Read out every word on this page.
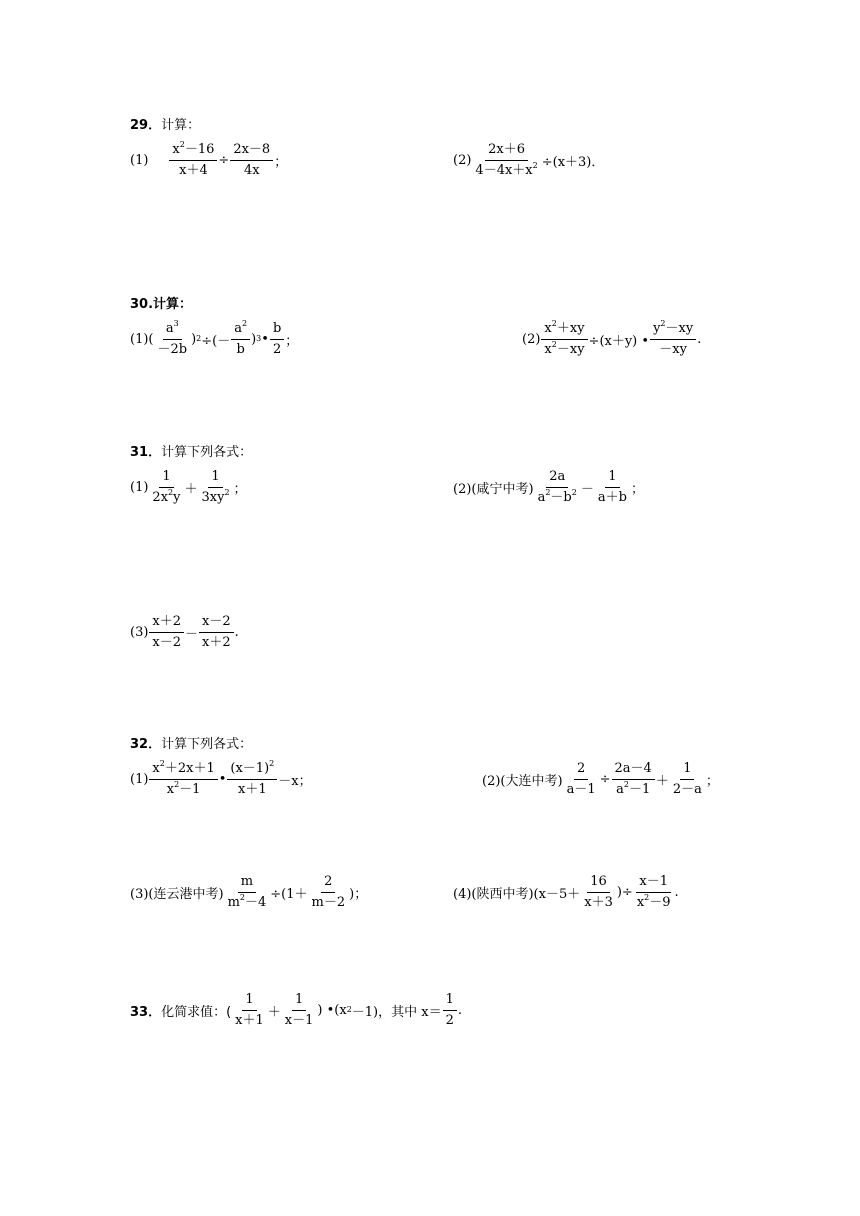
29．计算：
$(1) \frac{x^2-16}{x+4} \div \frac{2x-8}{4x}$ ；	$(2) \frac{2x+6}{4-4x+x^2} \div(x+3)$．
30.计算：
$(1)( \frac{a^3}{-2b}$ ) 2 ÷(－ $\frac{a^2}{b}$ ) 3 • $\frac{b}{2}$ ；	$(2) \frac{x^2+xy}{x^2-xy} \div(x+y)$ • $\frac{y^2-xy}{-xy}$ .
31．计算下列各式：
$(1) \frac{1}{2x^2y} + \frac{1}{3xy^2}$ ；	(2)(咸宁中考) $\frac{2a}{a^2-b^2} - \frac{1}{a+b}$ ；
$(3) \frac{x+2}{x-2} - \frac{x-2}{x+2}$ .
32．计算下列各式：
$(1) \frac{x^2+2x+1}{x^2-1}$ • $\frac{(x-1)^2}{x+1} -x$；	(2)(大连中考) $\frac{2}{a-1} \div \frac{2a-4}{a^2-1} + \frac{1}{2-a}$ ；
(3)(连云港中考) $\frac{m}{m^2-4} \div(1+ \frac{2}{m-2}$ )；	(4)(陕西中考)($x-5+ \frac{16}{x+3}$ )÷ $\frac{x-1}{x^2-9}$ .
33． 化简求值：( $\frac{1}{x+1} + \frac{1}{x-1}$ ) •(x 2 －1)，其中 $x= \frac{1}{2}$ .
